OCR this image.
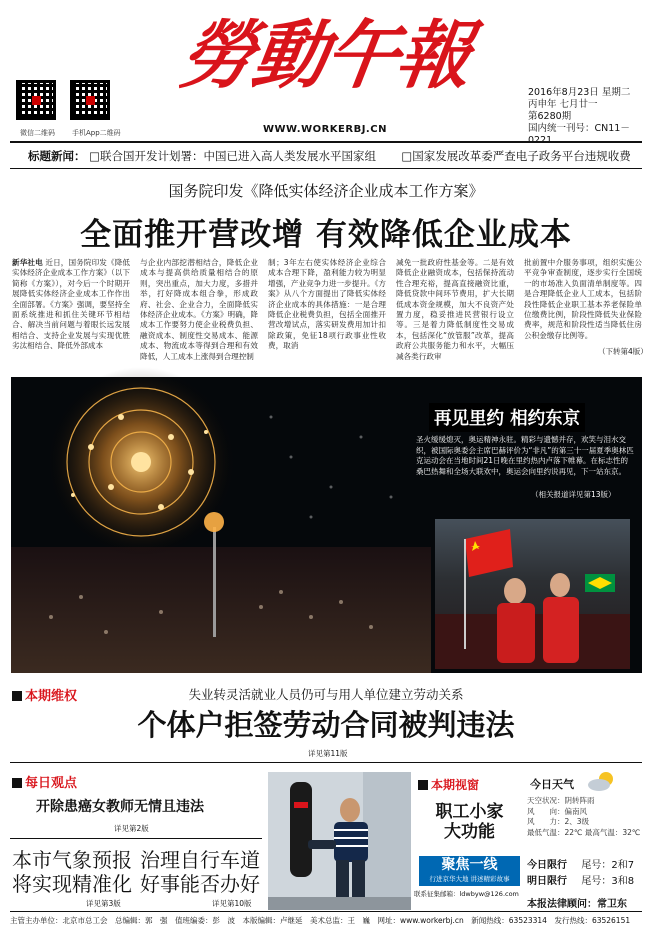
微信二维码	手机App二维码
勞動午報
WWW.WORKERBJ.CN
2016年8月23日 星期二
丙申年 七月廿一
第6280期
国内统一刊号：CN11－
标题新闻： □联合国开发计划署：中国已进入高人类发展水平国家组 □国家发展改革委严查电子政务平台违规收费
国务院印发《降低实体经济企业成本工作方案》
全面推开营改增 有效降低企业成本
新华社电 近日，国务院印发《降低实体经济企业成本工作方案》（以下简称《方案》），对今后一个时期开展降低实体经济企业成本工作作出全面部署。《方案》强调，要坚持全面系统推进和抓住关键环节相结合、解决当前问题与着眼长远发展相结合、支持企业发展与实现优胜劣汰相结合、降低外部成本
与企业内部挖潜相结合，降低企业成本与提高供给质量相结合的原则，突出重点，加大力度，多措并举，打好降成本组合拳，形成政府、社会、企业合力，全面降低实体经济企业成本。《方案》明确，降成本工作要努力使企业税费负担、融资成本、制度性交易成本、能源成本、物流成本等得到合理和有效降低，人工成本上涨得到合理控制
制；3年左右使实体经济企业综合成本合理下降，盈利能力较为明显增强，产业竞争力进一步提升。《方案》从八个方面提出了降低实体经济企业成本的具体措施：一是合理降低企业税费负担，包括全面推开营改增试点，落实研发费用加计扣除政策，免征18项行政事业性收费，取消
减免一批政府性基金等。二是有效降低企业融资成本，包括保持流动性合理充裕，提高直接融资比重，降低贷款中间环节费用，扩大长期低成本资金规模，加大不良资产处置力度，稳妥推进民营银行设立等。三是着力降低制度性交易成本，包括深化“放管服”改革，提高政府公共服务能力和水平，大幅压减各类行政审
批前置中介服务事项，组织实施公平竞争审查制度，逐步实行全国统一的市场准入负面清单制度等。四是合理降低企业人工成本，包括阶段性降低企业职工基本养老保险单位缴费比例，阶段性降低失业保险费率，规范和阶段性适当降低住房公积金缴存比例等。
（下转第4版）
再见里约 相约东京
圣火缓缓熄灭，奥运精神永驻。精彩与遗憾并存，欢笑与泪水交织，被国际奥委会主席巴赫评价为“非凡”的第三十一届夏季奥林匹克运动会在当地时间21日晚在里约热内卢落下帷幕。在标志性的桑巴热舞和全场大联欢中，奥运会向里约说再见，下一站东京。
（相关报道详见第13版）
本期维权	失业转灵活就业人员仍可与用人单位建立劳动关系
个体户拒签劳动合同被判违法
详见第11版
每日观点
开除患癌女教师无情且违法
详见第2版
本市气象预报
将实现精准化
详见第3版
治理自行车道
好事能否办好
详见第10版
本期视窗
职工小家
大功能
聚焦一线
行进京华大地 讲述精彩故事
联系征集邮箱：ldwbyw@126.com
今日天气
天空状况：阴转阵雨
风　　向：偏南风
风　　力：2、3级
最低气温：22℃ 最高气温：32℃
今日限行 尾号：2和7
明日限行 尾号：3和8
本报法律顾问：常卫东
主管主办单位：北京市总工会　总编辑：郭　强　值班编委：彭　波　本版编辑：卢继延　美术总监：王　巍　网址：www.workerbj.cn　新闻热线：63523314　发行热线：63526151
